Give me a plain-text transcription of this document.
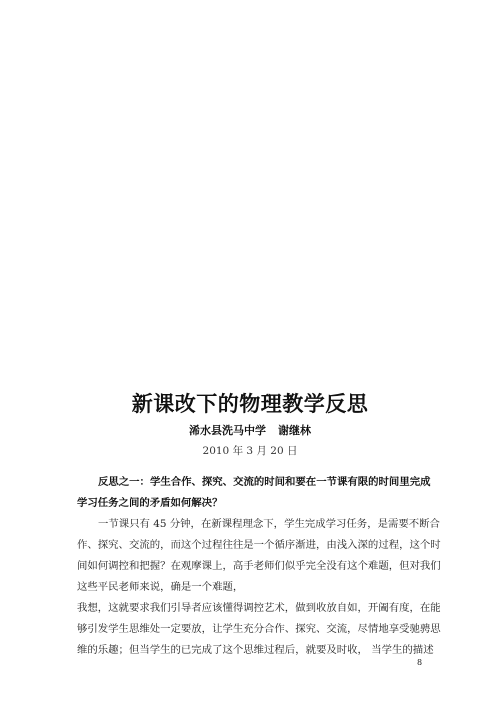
新课改下的物理教学反思
浠水县洗马中学 谢继林
2010 年 3 月 20 日
反思之一：学生合作、探究、交流的时间和要在一节课有限的时间里完成
学习任务之间的矛盾如何解决？
一节课只有 45 分钟，在新课程理念下，学生完成学习任务，是需要不断合
作、探究、交流的，而这个过程往往是一个循序渐进，由浅入深的过程，这个时
间如何调控和把握？在观摩课上，高手老师们似乎完全没有这个难题，但对我们
这些平民老师来说，确是一个难题，
我想，这就要求我们引导者应该懂得调控艺术，做到收放自如，开阖有度，在能
够引发学生思维处一定要放，让学生充分合作、探究、交流，尽情地享受驰骋思
维的乐趣；但当学生的已完成了这个思维过程后，就要及时收， 当学生的描述
8
